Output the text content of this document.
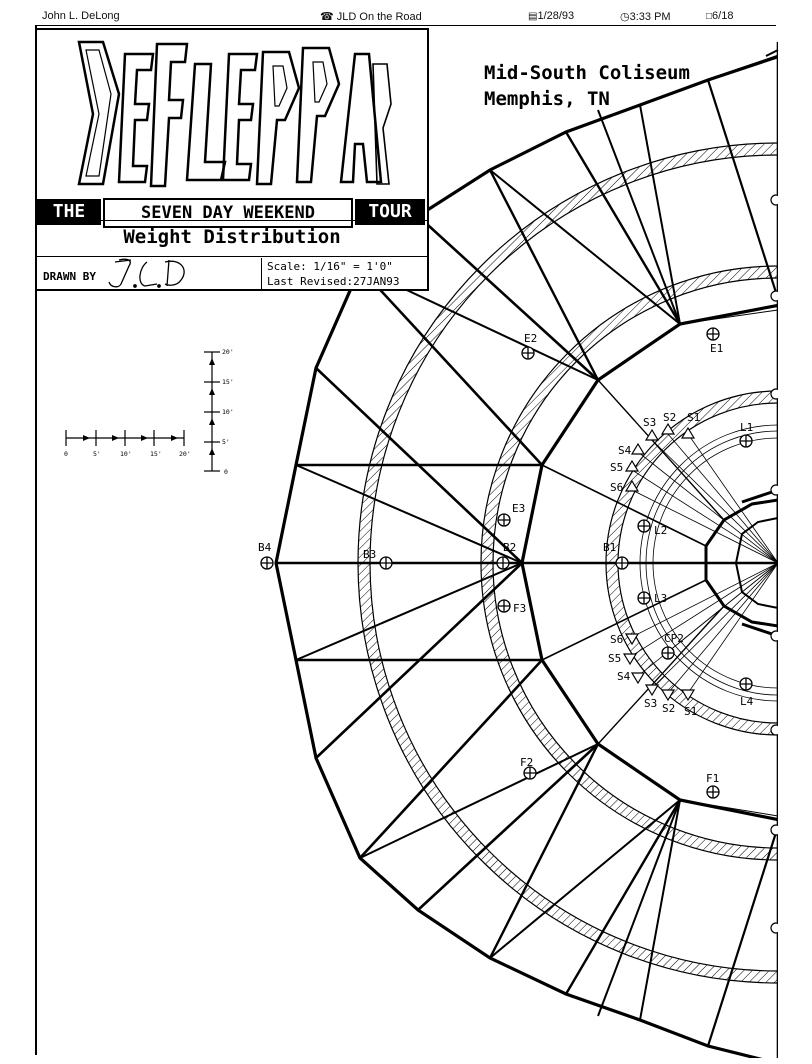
John L. DeLong	☎ JLD On the Road	▤1/28/93	◷3:33 PM	□6/18
E1
E2
E3
F1
F2
F3
B1
B2
B3
B4
L1
L2
L3
L4
CP2
S1
S2
S3
S4
S5
S6
S6
S5
S4
S3 S2 S1
0	5'	10'	15'	20'
0
5'
10'
15'
20'
Mid-South Coliseum
Memphis, TN
THE	SEVEN DAY WEEKEND	TOUR
Weight Distribution
DRAWN BY
Scale: 1/16" = 1'0"
Last Revised:27JAN93
